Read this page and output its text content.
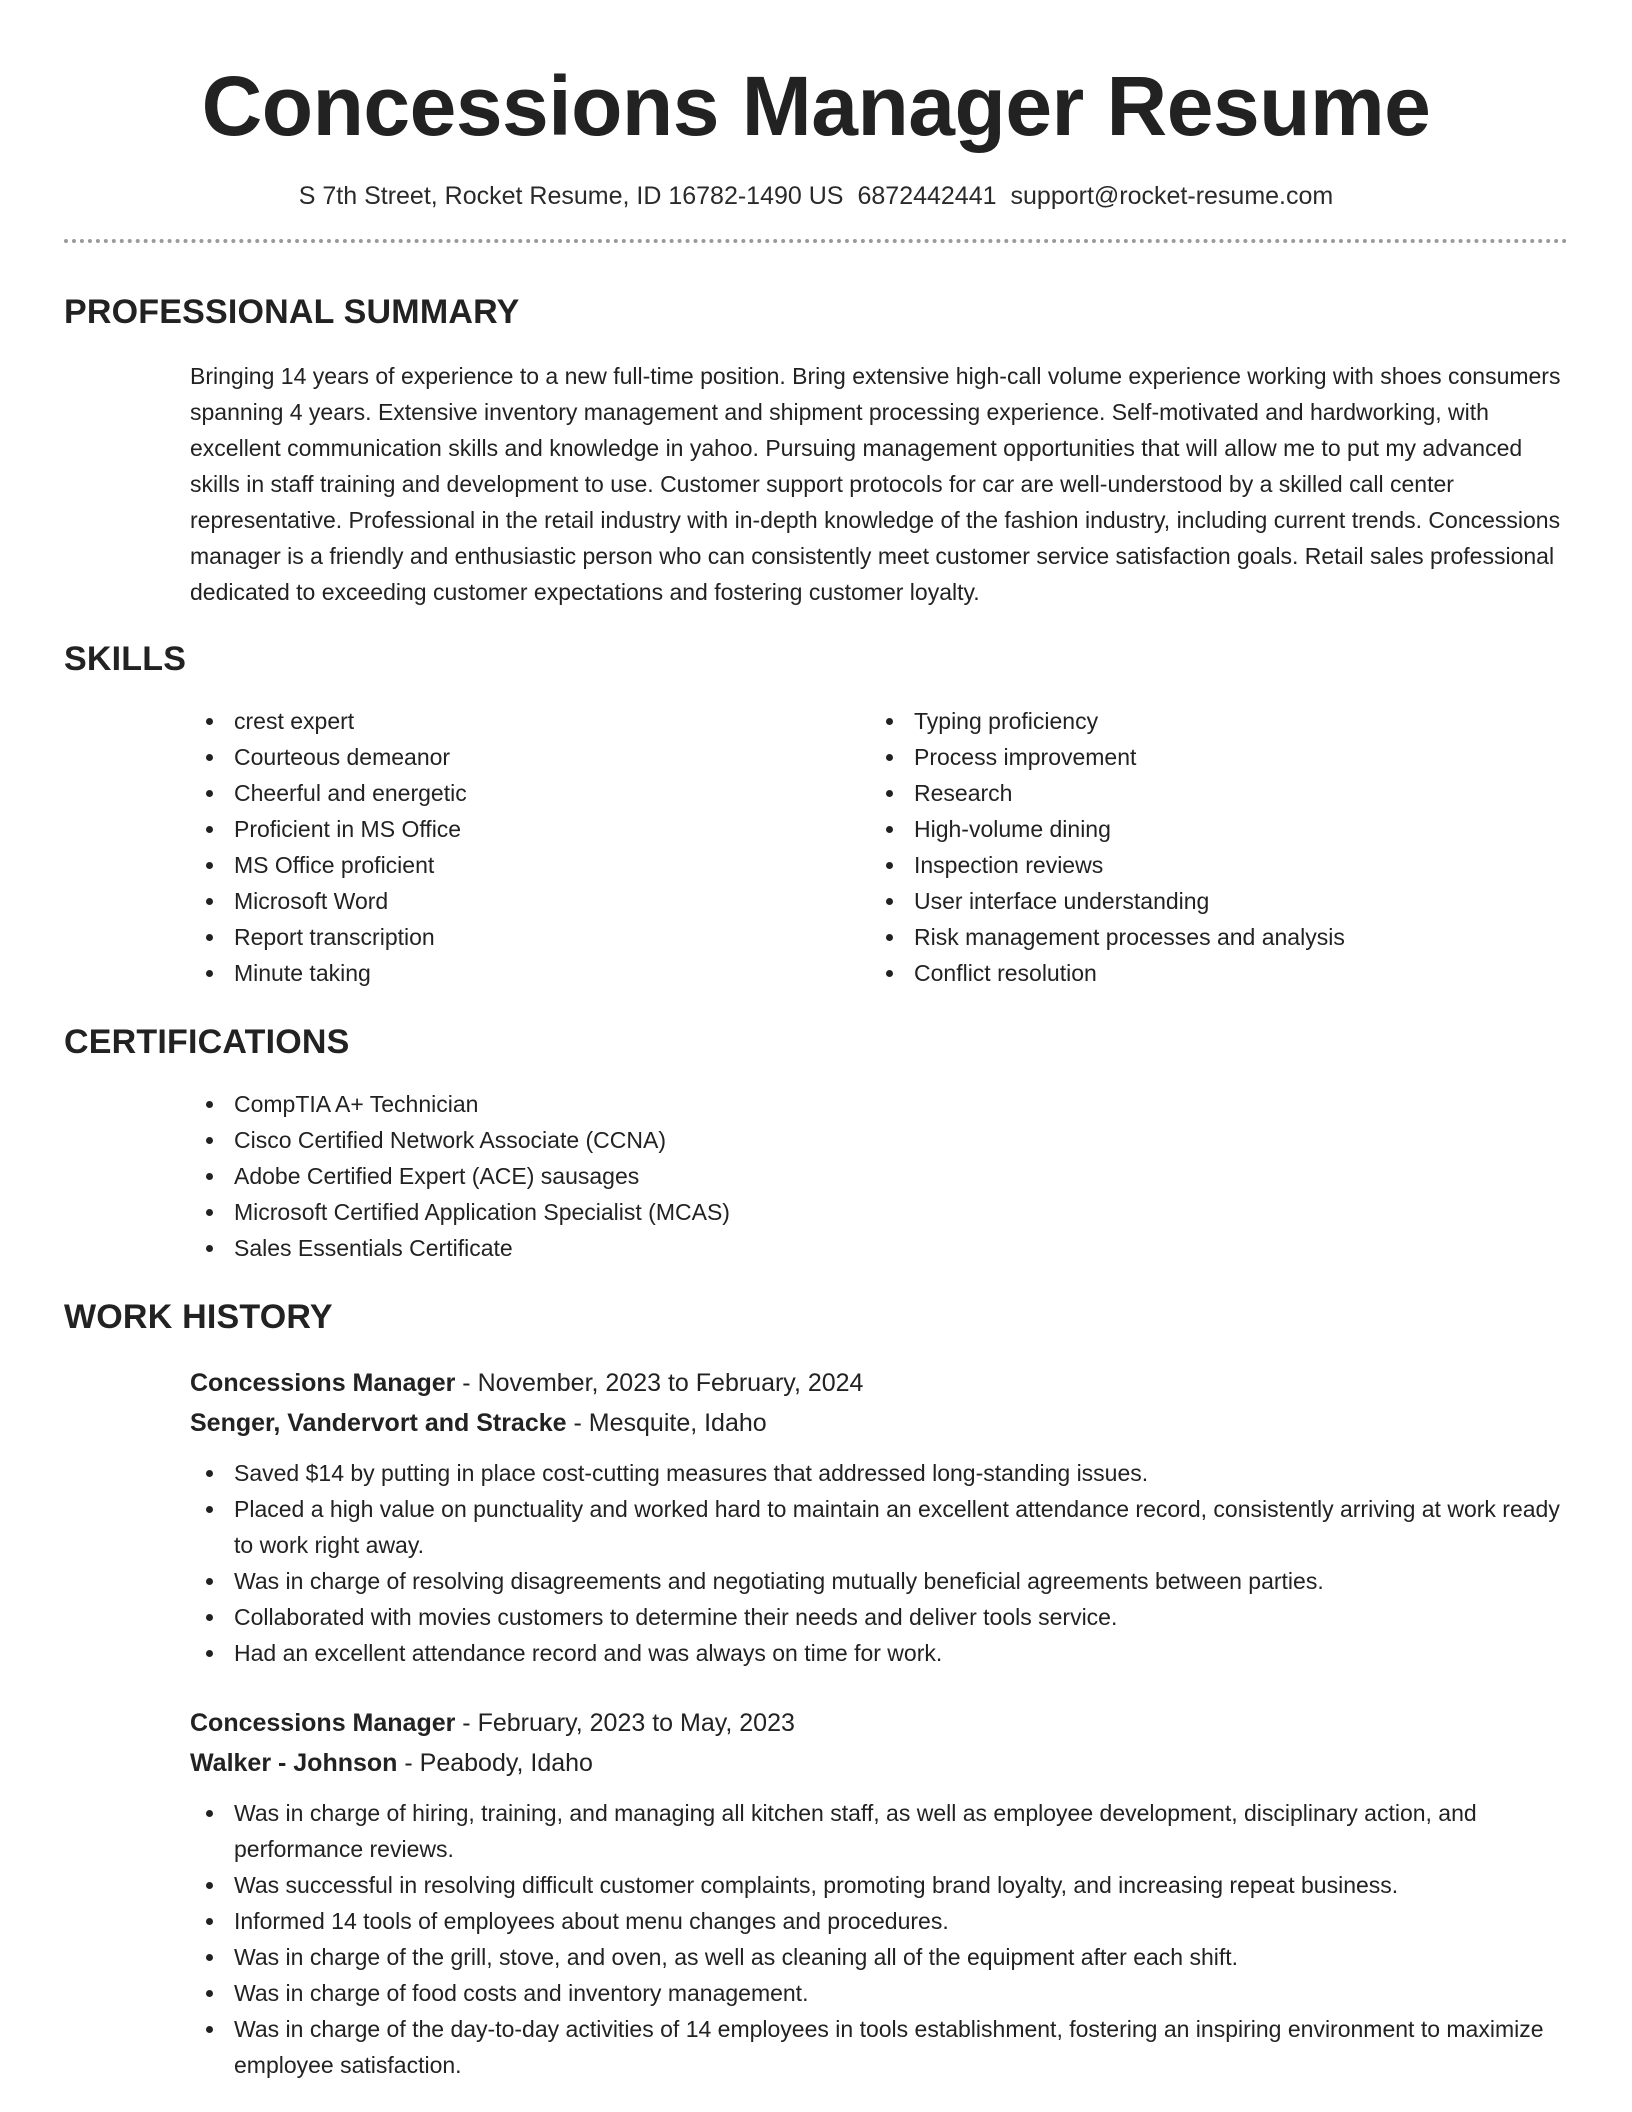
Concessions Manager Resume
S 7th Street, Rocket Resume, ID 16782-1490 US 6872442441 support@rocket-resume.com
PROFESSIONAL SUMMARY

Bringing 14 years of experience to a new full-time position. Bring extensive high-call volume experience working with shoes consumers spanning 4 years. Extensive inventory management and shipment processing experience. Self-motivated and hardworking, with excellent communication skills and knowledge in yahoo. Pursuing management opportunities that will allow me to put my advanced skills in staff training and development to use. Customer support protocols for car are well-understood by a skilled call center representative. Professional in the retail industry with in-depth knowledge of the fashion industry, including current trends. Concessions manager is a friendly and enthusiastic person who can consistently meet customer service satisfaction goals. Retail sales professional dedicated to exceeding customer expectations and fostering customer loyalty.

SKILLS
crest expert
Courteous demeanor
Cheerful and energetic
Proficient in MS Office
MS Office proficient
Microsoft Word
Report transcription
Minute taking
Typing proficiency
Process improvement
Research
High-volume dining
Inspection reviews
User interface understanding
Risk management processes and analysis
Conflict resolution
CERTIFICATIONS
CompTIA A+ Technician
Cisco Certified Network Associate (CCNA)
Adobe Certified Expert (ACE) sausages
Microsoft Certified Application Specialist (MCAS)
Sales Essentials Certificate
WORK HISTORY
Concessions Manager - November, 2023 to February, 2024
Senger, Vandervort and Stracke - Mesquite, Idaho
Saved $14 by putting in place cost-cutting measures that addressed long-standing issues.
Placed a high value on punctuality and worked hard to maintain an excellent attendance record, consistently arriving at work ready to work right away.
Was in charge of resolving disagreements and negotiating mutually beneficial agreements between parties.
Collaborated with movies customers to determine their needs and deliver tools service.
Had an excellent attendance record and was always on time for work.
Concessions Manager - February, 2023 to May, 2023
Walker - Johnson - Peabody, Idaho
Was in charge of hiring, training, and managing all kitchen staff, as well as employee development, disciplinary action, and performance reviews.
Was successful in resolving difficult customer complaints, promoting brand loyalty, and increasing repeat business.
Informed 14 tools of employees about menu changes and procedures.
Was in charge of the grill, stove, and oven, as well as cleaning all of the equipment after each shift.
Was in charge of food costs and inventory management.
Was in charge of the day-to-day activities of 14 employees in tools establishment, fostering an inspiring environment to maximize employee satisfaction.
